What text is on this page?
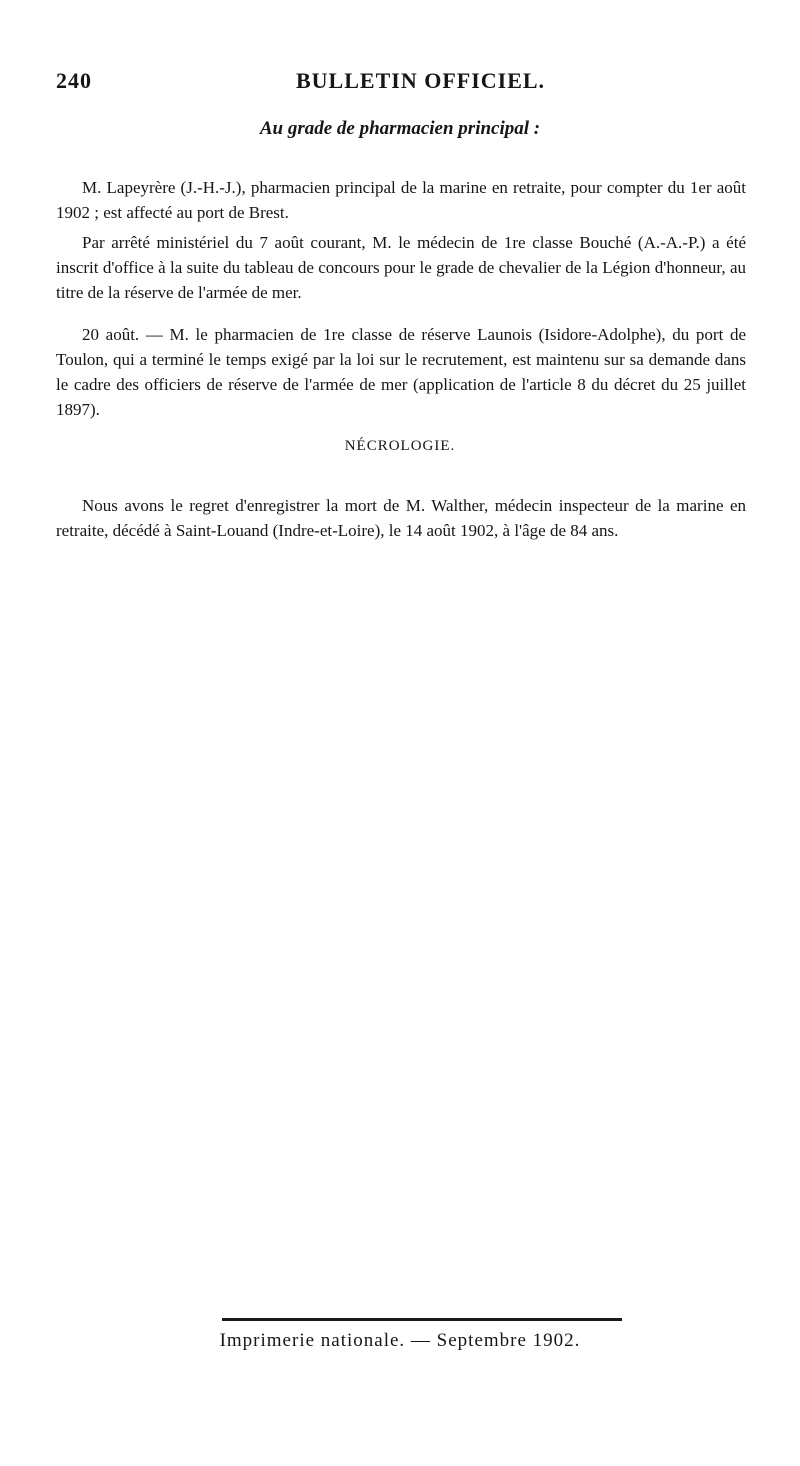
240	BULLETIN OFFICIEL.
Au grade de pharmacien principal :

M. Lapeyrère (J.-H.-J.), pharmacien principal de la marine en retraite, pour compter du 1er août 1902 ; est affecté au port de Brest.

Par arrêté ministériel du 7 août courant, M. le médecin de 1re classe Bouché (A.-A.-P.) a été inscrit d'office à la suite du tableau de concours pour le grade de chevalier de la Légion d'honneur, au titre de la réserve de l'armée de mer.

20 août. — M. le pharmacien de 1re classe de réserve Launois (Isidore-Adolphe), du port de Toulon, qui a terminé le temps exigé par la loi sur le recrutement, est maintenu sur sa demande dans le cadre des officiers de réserve de l'armée de mer (application de l'article 8 du décret du 25 juillet 1897).

NÉCROLOGIE.

Nous avons le regret d'enregistrer la mort de M. Walther, médecin inspecteur de la marine en retraite, décédé à Saint-Louand (Indre-et-Loire), le 14 août 1902, à l'âge de 84 ans.

Imprimerie nationale. — Septembre 1902.
